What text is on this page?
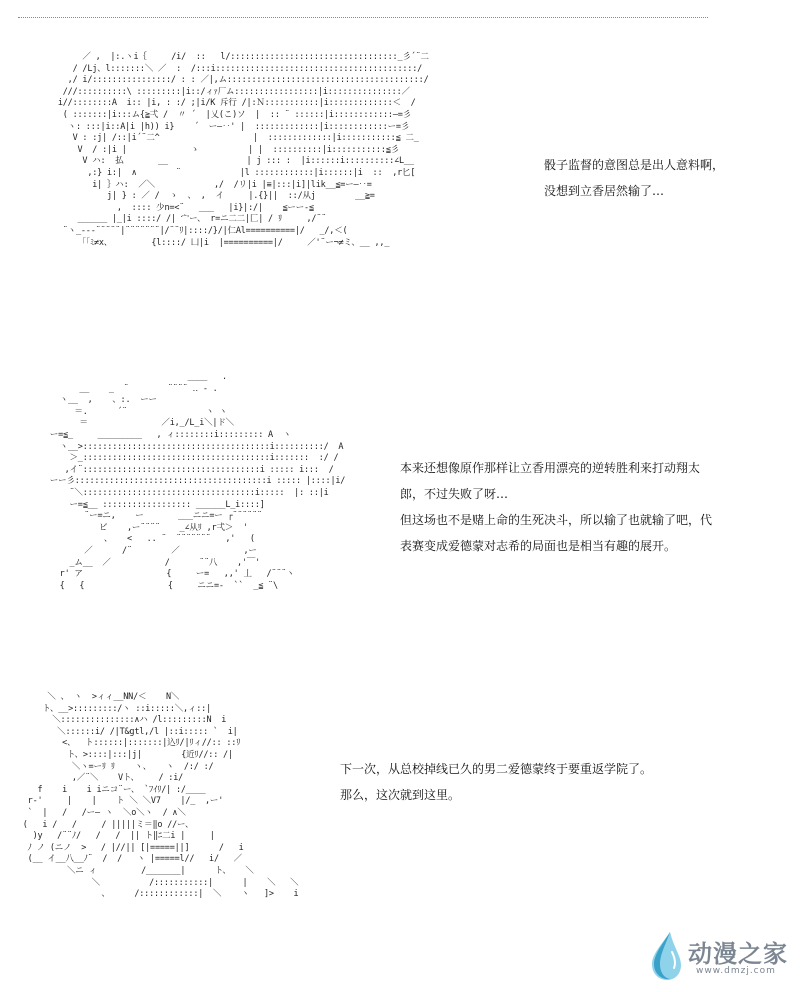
／ ,  |:.ヽi｛     /i/  ::   l/::::::::::::::::::::::::::::::::::_彡´¨二
/ /Lj、l:::::::＼ ／  :  /:::i:::::::::::::::::::::::::::::::::::::::::/
,/ i/::::::::::::::::/ : : ／|,ム::::::::::::::::::::::::::::::::::::::::/
///::::::::::\ :::::::::|i::/ィｧ厂ム:::::::::::::::::|i:::::::::::::::／
i//::::::::A  i:: |i, : :/ ;|i/K 斥行 /|:Ｎ:::::::::::|i:::::::::::::＜  /
( :::::::|i:::ム{≧弌 /  〃 ´  |乂(こ)ソ  |  :: ¨ ::::::|i::::::::::::―=彡
ヽ: :::|i::A|i |h)) i}    ´  ー―‥' |  :::::::::::::|i::::::::::::ー=彡
V : :j| /::|i´¨二^                   |  :::::::::::::|i:::::::::::≦ 二_
V  / :|i |             ゝ          | |  ::::::::::|i:::::::::::≦彡
V ハ:  払       __                | j ::: :  |i::::::i::::::::::∠L__
,:} i:|  ∧        ¨            |l ::::::::::::|i::::::|i  ::  ,r匕[
i| ｝ハ:  ／＼            ,/  /リ|i |≡|:::|i]|lik__≦=ー―‥=
j| } : ／ /  ゝ  、 ,  イ     |.{}||  ::/从j        __≧=
,  :::: 少n=<¨   ___   |i}|:/|    ≦ーー‐≦
______ |_|i ::::/ /| 宀ー、 r=ニ二二|匚| / ﾘ     ,/¨¨
¨ヽ_‐‐‐¨¨¨¨¨|¨¨¨¨¨¨¨|/¨¨ﾘ|::::/}/|仁Al==========|/   _/,＜(
「「ﾐ≠x、        {l::::/ 凵|i  |==========|/     ／'¨ー¬≠ミ、__ ,,_

骰子监督的意图总是出人意料啊，

没想到立香居然输了…

____   .
__    _  ¨        ¨¨¨¨ ‥ - .
ヽ__  ,    、:.  ーー
＝.      ´¨                ヽ ヽ
＝               ／i,_/L_i＼|ド＼
ー=≦_     _________   , ィ::::::::i::::::::: A  ヽ
ヽ__>::::::::::::::::::::::::::::::::::::::i::::::::::/  A
＞_::::::::::::::::::::::::::::::::::::::i:::::::  :/ /
,イ¨::::::::::::::::::::::::::::::::::::i ::::: i:::  /
ーー彡:::::::::::::::::::::::::::::::::::::::i ::::: |::::|i/
¨＼:::::::::::::::::::::::::::::::::::i:::::  |: ::|i
ー=≦__ :::::::::::::::::: ______L_i::::]
¨ー=ニ,    ー       ___ニニ=ー ┌¨¨¨¨¨¨
ビ    ,ー¨¨¨¨    _∠从ﾘ ,r弌＞  '
、   <   .. ¨  ¨¨¨¨¨¨¨   ,'   (
／      /¨        ／             ,ー
_ム__  ／           /      ¨¨八    ,'￣'
r' ア                 {     ー=   ,,' 丄   /¨¨¨ヽ
{   {                 {     ニニ=-  ``  _≦ ¨\

本来还想像原作那样让立香用漂亮的逆转胜利来打动翔太

郎，不过失败了呀…

但这场也不是赌上命的生死决斗，所以输了也就输了吧，代

表赛变成爱德蒙对志希的局面也是相当有趣的展开。

＼ 、 ヽ  >ィィ__NN/＜    N＼
ト、__>:::::::::/ヽ ::i:::::＼,ィ::|
＼:::::::::::::::∧ハ /l:::::::::N  i
＼::::::i/ /|T&gtl,/l |::i::::: `  i|
<、  ト::::::|:::::::|込ﾘ/|ﾘィ//:: ::ﾘ
ト、>::::|:::|j|        {近ﾘ//:: /|
＼ヽ=ーﾘ ﾘ    ヽ、   ヽ  /:/ :/
,／¨＼    Vト、    / :i/
f    i    i iニコ¨ー、 `ﾌｲﾘ/| :/____
r-'     |    |    ト ＼ ＼V7    |/_  ,ー'
`  |   /   /ー― ヽ  ＼o＼ヽ  / ∧＼
(   i /   /     / |||||ミ＝‖o //ー、
)y   /¨¨ﾉ/   /   /  || ト‖ﾆ二i |     |
ﾉ ノ (ニノ  >   / |//|| [|=====||]      /   i
(__ イ__八__ﾉ¨  /  /   ヽ |=====l//   i/   ／
＼ニ ィ         /_______|      ト、   ＼
＼          /:::::::::::|      |    ＼   ＼
、     /::::::::::::|  ＼    ヽ   ]>    i

下一次，从总校掉线已久的男二爱德蒙终于要重返学院了。

那么，这次就到这里。

动漫之家
www.dmzj.com
